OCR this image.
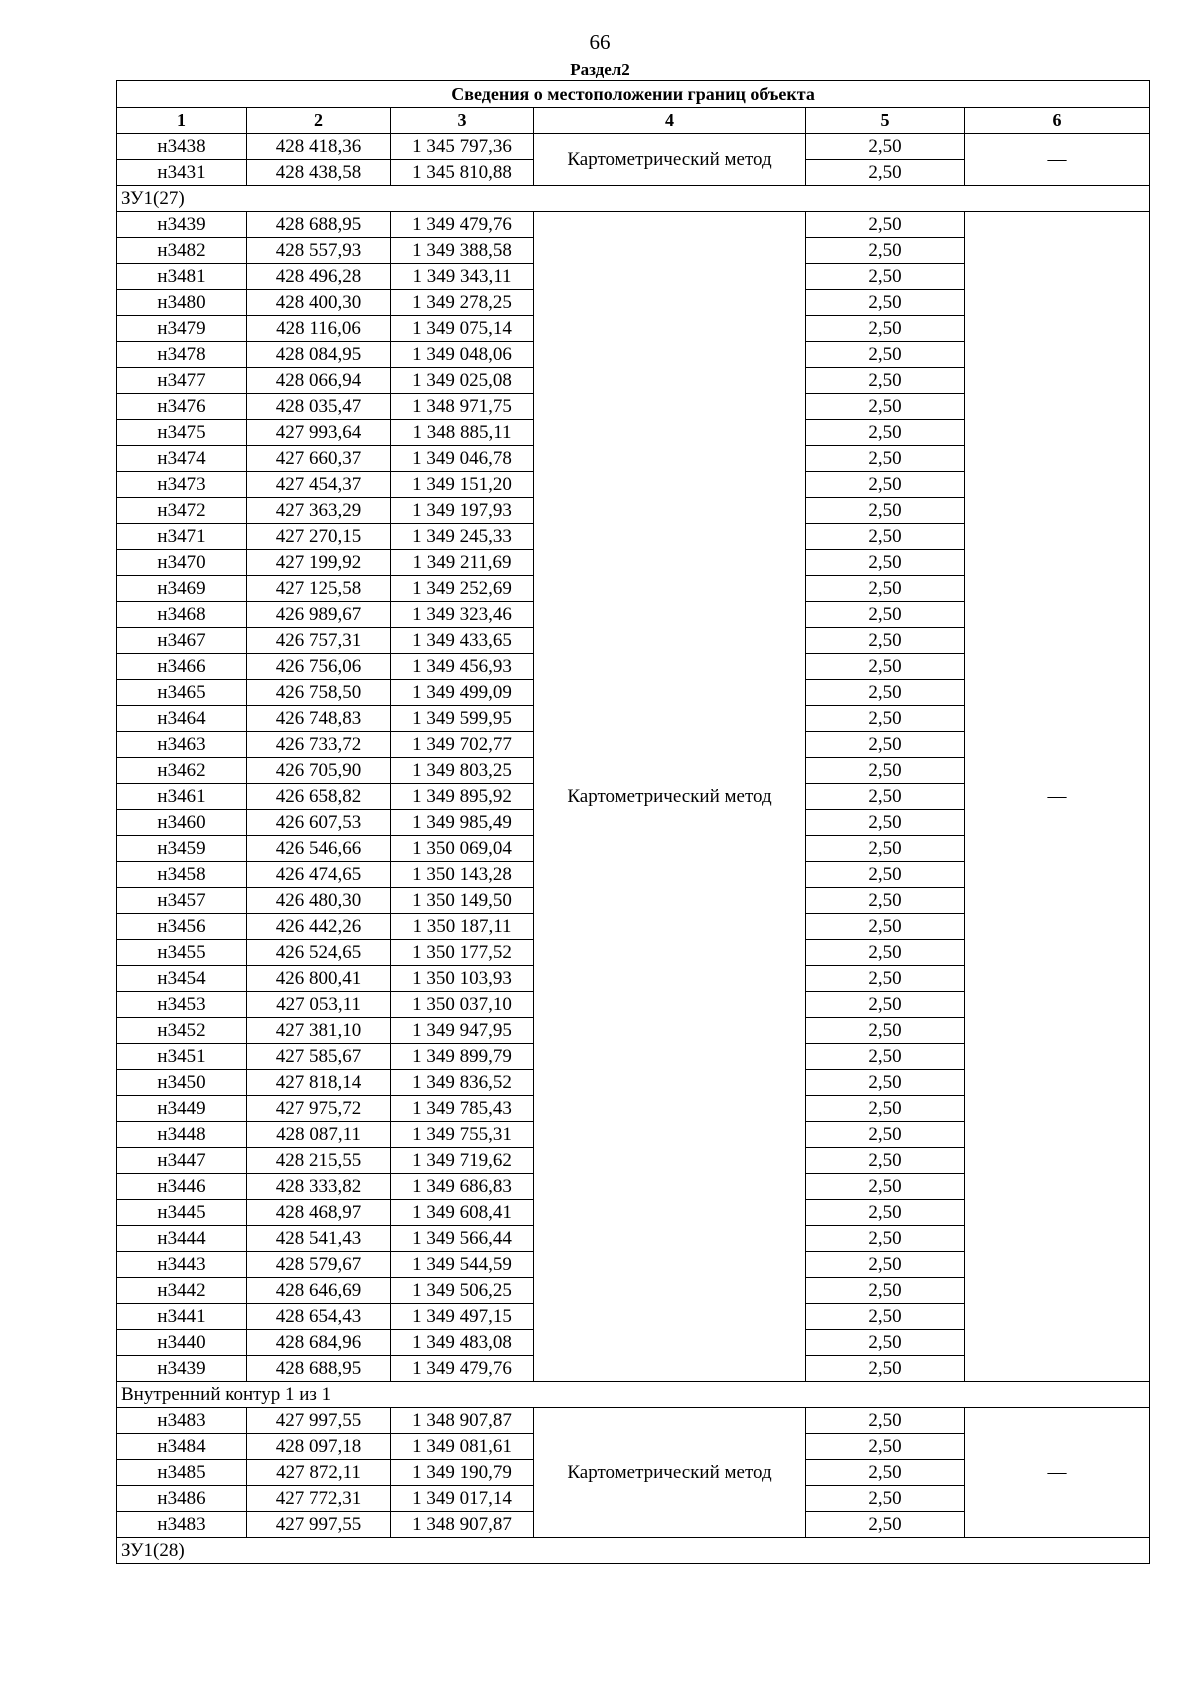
66
Раздел2
Сведения о местоположении границ объекта					
1	2	3	4	5	6
н3438	428 418,36	1 345 797,36	Картометрический метод	2,50	—
н3431	428 438,58	1 345 810,88		2,50	
ЗУ1(27)					
н3439	428 688,95	1 349 479,76	Картометрический метод	2,50	—
н3482	428 557,93	1 349 388,58		2,50	
н3481	428 496,28	1 349 343,11		2,50	
н3480	428 400,30	1 349 278,25		2,50	
н3479	428 116,06	1 349 075,14		2,50	
н3478	428 084,95	1 349 048,06		2,50	
н3477	428 066,94	1 349 025,08		2,50	
н3476	428 035,47	1 348 971,75		2,50	
н3475	427 993,64	1 348 885,11		2,50	
н3474	427 660,37	1 349 046,78		2,50	
н3473	427 454,37	1 349 151,20		2,50	
н3472	427 363,29	1 349 197,93		2,50	
н3471	427 270,15	1 349 245,33		2,50	
н3470	427 199,92	1 349 211,69		2,50	
н3469	427 125,58	1 349 252,69		2,50	
н3468	426 989,67	1 349 323,46		2,50	
н3467	426 757,31	1 349 433,65		2,50	
н3466	426 756,06	1 349 456,93		2,50	
н3465	426 758,50	1 349 499,09		2,50	
н3464	426 748,83	1 349 599,95		2,50	
н3463	426 733,72	1 349 702,77		2,50	
н3462	426 705,90	1 349 803,25		2,50	
н3461	426 658,82	1 349 895,92		2,50	
н3460	426 607,53	1 349 985,49		2,50	
н3459	426 546,66	1 350 069,04		2,50	
н3458	426 474,65	1 350 143,28		2,50	
н3457	426 480,30	1 350 149,50		2,50	
н3456	426 442,26	1 350 187,11		2,50	
н3455	426 524,65	1 350 177,52		2,50	
н3454	426 800,41	1 350 103,93		2,50	
н3453	427 053,11	1 350 037,10		2,50	
н3452	427 381,10	1 349 947,95		2,50	
н3451	427 585,67	1 349 899,79		2,50	
н3450	427 818,14	1 349 836,52		2,50	
н3449	427 975,72	1 349 785,43		2,50	
н3448	428 087,11	1 349 755,31		2,50	
н3447	428 215,55	1 349 719,62		2,50	
н3446	428 333,82	1 349 686,83		2,50	
н3445	428 468,97	1 349 608,41		2,50	
н3444	428 541,43	1 349 566,44		2,50	
н3443	428 579,67	1 349 544,59		2,50	
н3442	428 646,69	1 349 506,25		2,50	
н3441	428 654,43	1 349 497,15		2,50	
н3440	428 684,96	1 349 483,08		2,50	
н3439	428 688,95	1 349 479,76		2,50	
Внутренний контур 1 из 1					
н3483	427 997,55	1 348 907,87	Картометрический метод	2,50	—
н3484	428 097,18	1 349 081,61		2,50	
н3485	427 872,11	1 349 190,79		2,50	
н3486	427 772,31	1 349 017,14		2,50	
н3483	427 997,55	1 348 907,87		2,50	
ЗУ1(28)					
